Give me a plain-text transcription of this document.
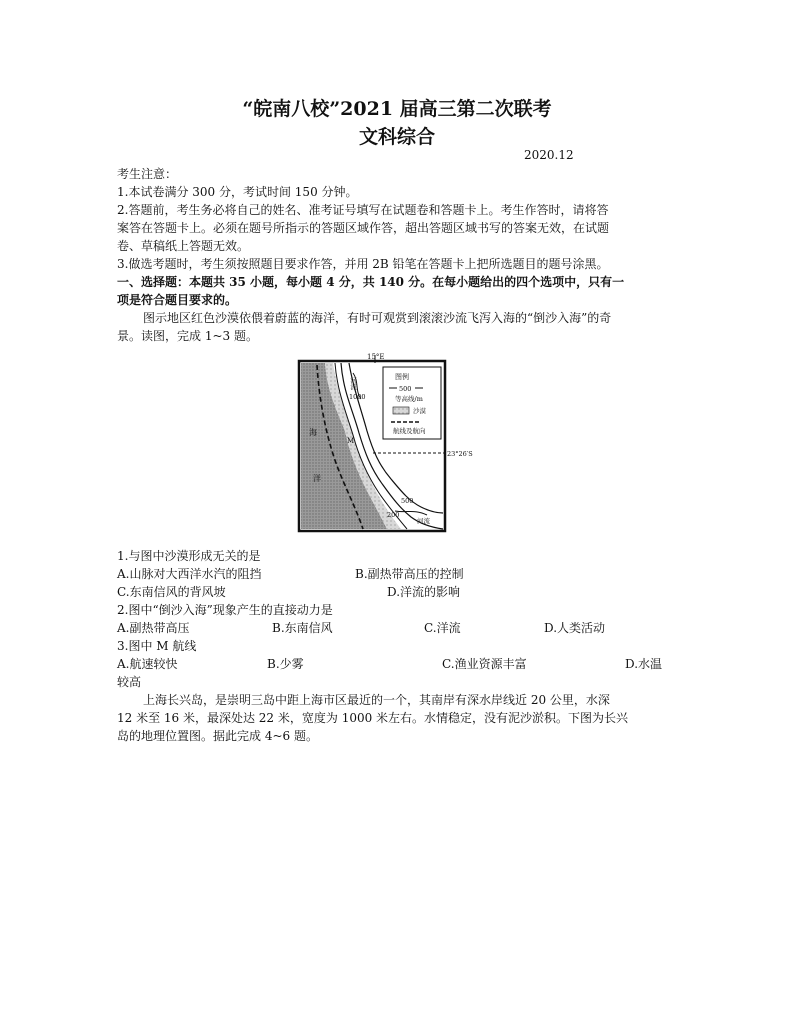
“皖南八校”2021 届高三第二次联考
文科综合
2020.12
考生注意：
1.本试卷满分 300 分，考试时间 150 分钟。
2.答题前，考生务必将自己的姓名、准考证号填写在试题卷和答题卡上。考生作答时，请将答
案答在答题卡上。必须在题号所指示的答题区域作答，超出答题区域书写的答案无效，在试题
卷、草稿纸上答题无效。
3.做选考题时，考生须按照题目要求作答，并用 2B 铅笔在答题卡上把所选题目的题号涂黑。
一、选择题：本题共 35 小题，每小题 4 分，共 140 分。在每小题给出的四个选项中，只有一
项是符合题目要求的。
图示地区红色沙漠依偎着蔚蓝的海洋，有时可观赏到滚滚沙流飞泻入海的“倒沙入海”的奇
景。读图，完成 1~3 题。
图例
500
等高线/m
沙漠
航线及航向
15°E
23°26′S
河流
1000
海
M
洋
500
200
河流
1.与图中沙漠形成无关的是
A.山脉对大西洋水汽的阻挡	B.副热带高压的控制
C.东南信风的背风坡	D.洋流的影响
2.图中“倒沙入海”现象产生的直接动力是
A.副热带高压	B.东南信风	C.洋流	D.人类活动
3.图中 M 航线
A.航速较快	B.少雾	C.渔业资源丰富	D.水温
较高
上海长兴岛，是崇明三岛中距上海市区最近的一个，其南岸有深水岸线近 20 公里，水深
12 米至 16 米，最深处达 22 米，宽度为 1000 米左右。水情稳定，没有泥沙淤积。下图为长兴
岛的地理位置图。据此完成 4~6 题。
